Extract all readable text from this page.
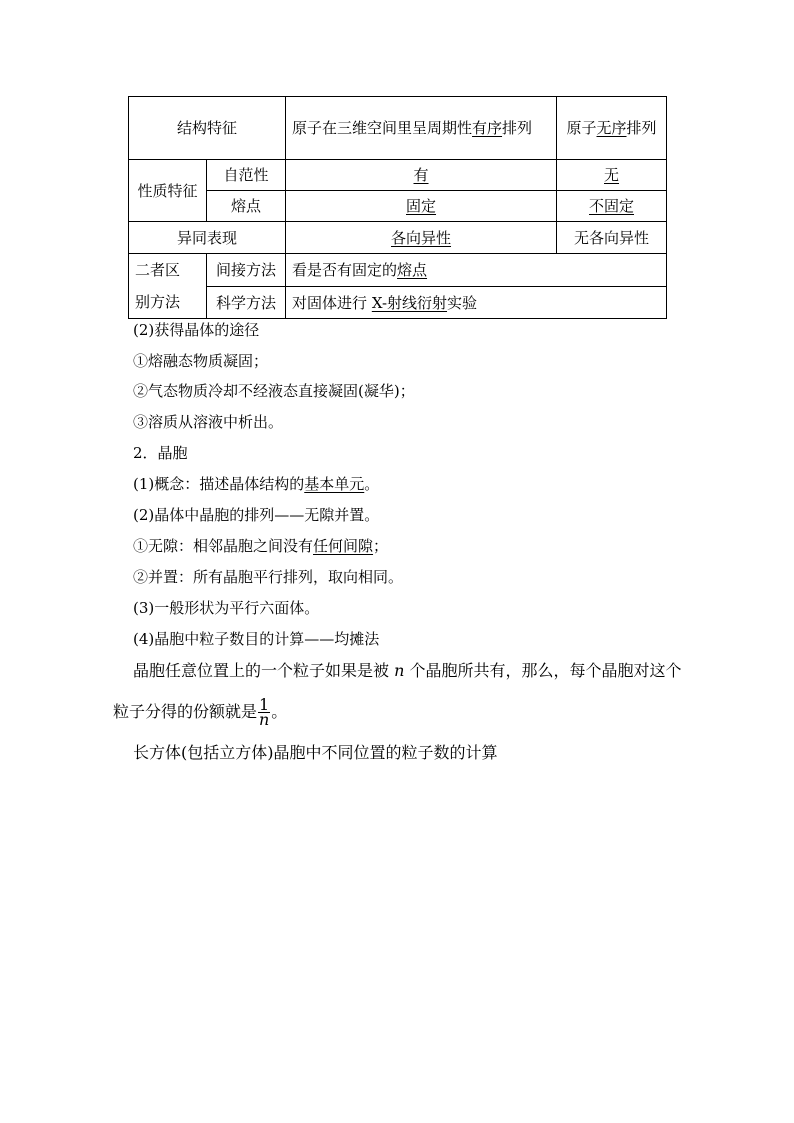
结构特征		原子在三维空间里呈周期性有序排列	原子无序排列
性质特征	自范性	有	无
	熔点	固定	不固定
异同表现		各向异性	无各向异性
二者区
别方法	间接方法	看是否有固定的熔点	
	科学方法	对固体进行 X-射线衍射实验	
(2)获得晶体的途径
①熔融态物质凝固；
②气态物质冷却不经液态直接凝固(凝华)；
③溶质从溶液中析出。
2．晶胞
(1)概念：描述晶体结构的基本单元。
(2)晶体中晶胞的排列——无隙并置。
①无隙：相邻晶胞之间没有任何间隙；
②并置：所有晶胞平行排列，取向相同。
(3)一般形状为平行六面体。
(4)晶胞中粒子数目的计算——均摊法
晶胞任意位置上的一个粒子如果是被 n 个晶胞所共有，那么，每个晶胞对这个
粒子分得的份额就是 $\frac{1}{n}$ 。
长方体(包括立方体)晶胞中不同位置的粒子数的计算
